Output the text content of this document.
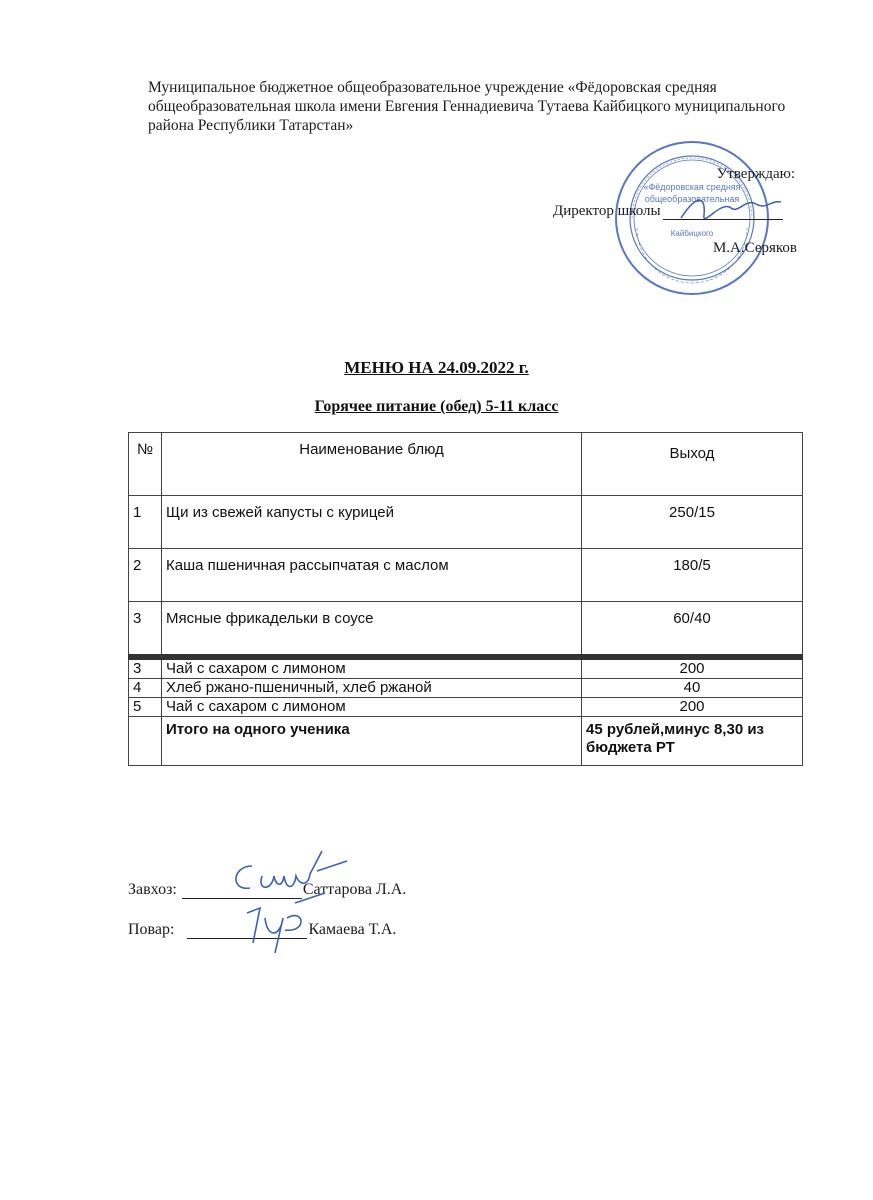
Муниципальное бюджетное общеобразовательное учреждение «Фёдоровская средняя общеобразовательная школа имени Евгения Геннадиевича Тутаева Кайбицкого муниципального района Республики Татарстан»
«Фёдоровская средняя
общеобразовательная
Кайбицкого
Утверждаю:
Директор школы
М.А.Серяков
МЕНЮ НА 24.09.2022 г.
Горячее питание (обед) 5-11 класс
№	Наименование блюд	Выход
1	Щи из свежей капусты с курицей	250/15
2	Каша пшеничная рассыпчатая с маслом	180/5
3	Мясные фрикадельки в соусе	60/40
3	Чай с сахаром с лимоном	200
4	Хлеб ржано-пшеничный, хлеб ржаной	40
5	Чай с сахаром с лимоном	200
	Итого на одного ученика	45 рублей,минус 8,30 из бюджета РТ
Завхоз:	Саттарова Л.А.
Повар:	Камаева Т.А.
